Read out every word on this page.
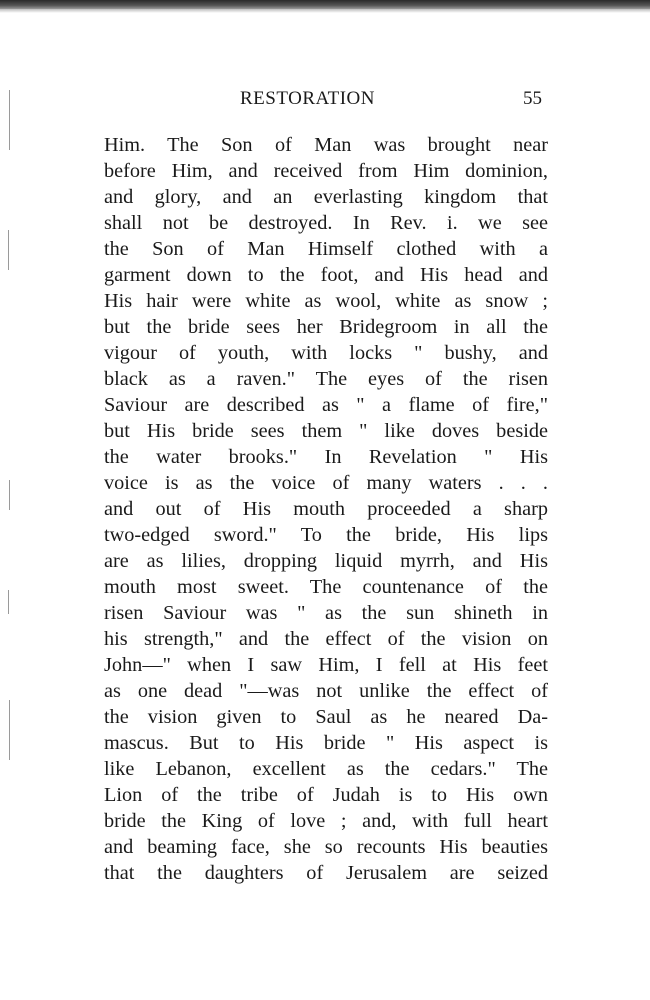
RESTORATION	55
Him. The Son of Man was brought near
before Him, and received from Him dominion,
and glory, and an everlasting kingdom that
shall not be destroyed. In Rev. i. we see
the Son of Man Himself clothed with a
garment down to the foot, and His head and
His hair were white as wool, white as snow ;
but the bride sees her Bridegroom in all the
vigour of youth, with locks " bushy, and
black as a raven." The eyes of the risen
Saviour are described as " a flame of fire,"
but His bride sees them " like doves beside
the water brooks." In Revelation " His
voice is as the voice of many waters . . .
and out of His mouth proceeded a sharp
two-edged sword." To the bride, His lips
are as lilies, dropping liquid myrrh, and His
mouth most sweet. The countenance of the
risen Saviour was " as the sun shineth in
his strength," and the effect of the vision on
John—" when I saw Him, I fell at His feet
as one dead "—was not unlike the effect of
the vision given to Saul as he neared Da-
mascus. But to His bride " His aspect is
like Lebanon, excellent as the cedars." The
Lion of the tribe of Judah is to His own
bride the King of love ; and, with full heart
and beaming face, she so recounts His beauties
that the daughters of Jerusalem are seized
